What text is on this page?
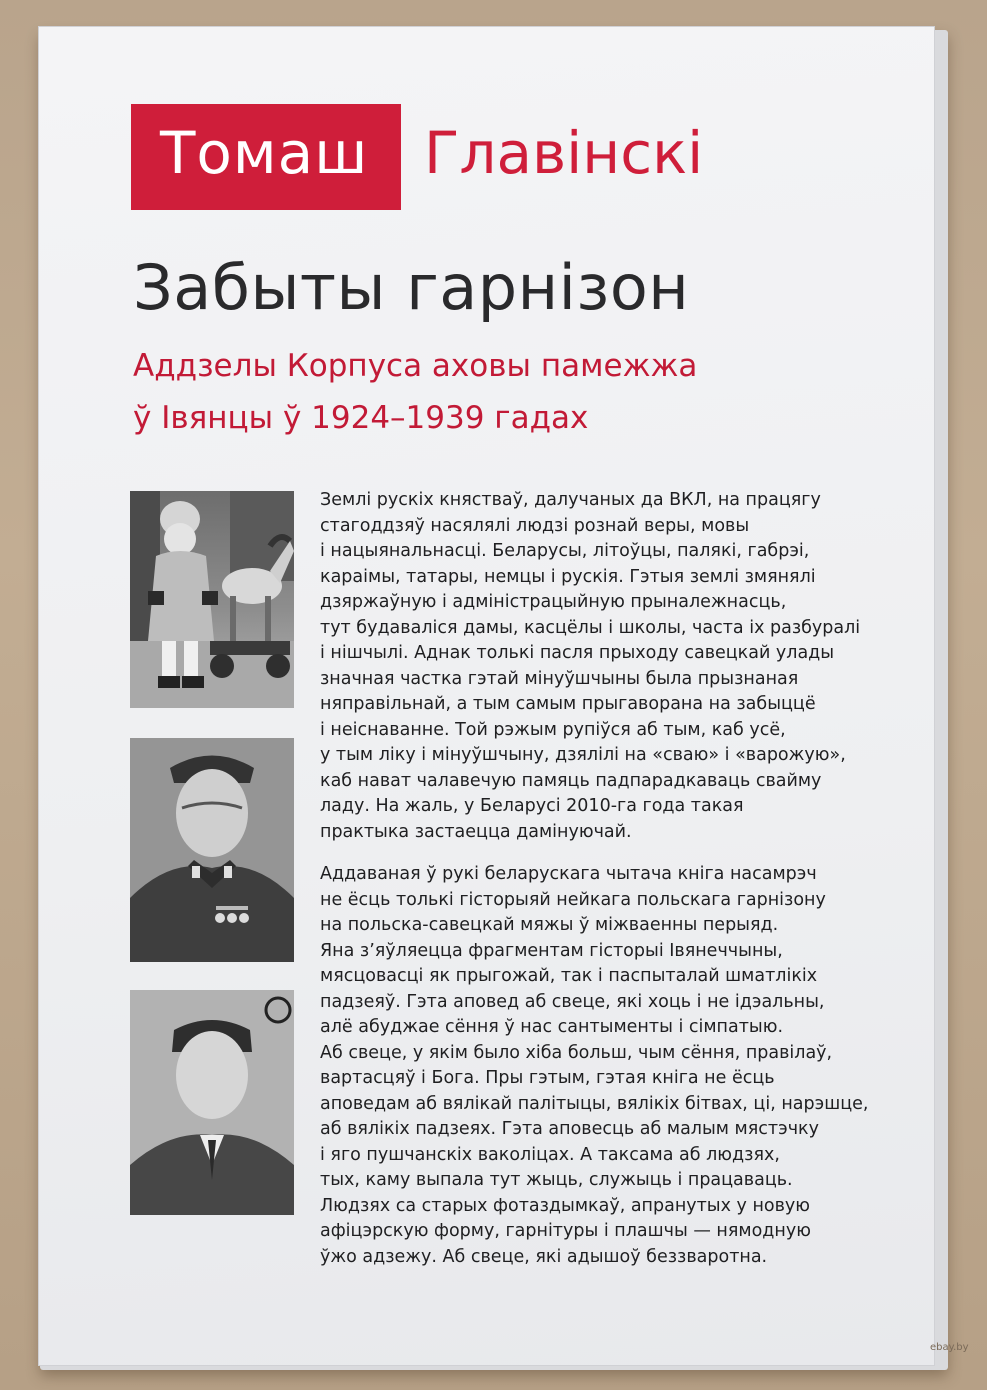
Томаш Главінскі
Забыты гарнізон
Аддзелы Корпуса аховы памежжа
ў Івянцы ў 1924–1939 гадах
Землі рускіх княстваў, далучаных да ВКЛ, на працягу
стагоддзяў насялялі людзі рознай веры, мовы
і нацыянальнасці. Беларусы, літоўцы, палякі, габрэі,
караімы, татары, немцы і рускія. Гэтыя землі змянялі
дзяржаўную і адміністрацыйную прыналежнасць,
тут будаваліся дамы, касцёлы і школы, часта іх разбуралі
і нішчылі. Аднак толькі пасля прыходу савецкай улады
значная частка гэтай мінуўшчыны была прызнаная
няправільнай, а тым самым прыгаворана на забыццё
і неіснаванне. Той рэжым рупіўся аб тым, каб усё,
у тым ліку і мінуўшчыну, дзялілі на «сваю» і «варожую»,
каб нават чалавечую памяць падпарадкаваць свайму
ладу. На жаль, у Беларусі 2010-га года такая
практыка застаецца дамінуючай.
Аддаваная ў рукі беларускага чытача кніга насамрэч
не ёсць толькі гісторыяй нейкага польскага гарнізону
на польска-савецкай мяжы ў міжваенны перыяд.
Яна з’яўляецца фрагментам гісторыі Івянеччыны,
мясцовасці як прыгожай, так і паспыталай шматлікіх
падзеяў. Гэта аповед аб свеце, які хоць і не ідэальны,
алё абуджае сёння ў нас сантыменты і сімпатыю.
Аб свеце, у якім было хіба больш, чым сёння, правілаў,
вартасцяў і Бога. Пры гэтым, гэтая кніга не ёсць
аповедам аб вялікай палітыцы, вялікіх бітвах, ці, нарэшце,
аб вялікіх падзеях. Гэта аповесць аб малым мястэчку
і яго пушчанскіх ваколіцах. А таксама аб людзях,
тых, каму выпала тут жыць, служыць і працаваць.
Людзях са старых фотаздымкаў, апранутых у новую
афіцэрскую форму, гарнітуры і плашчы — нямодную
ўжо адзежу. Аб свеце, які адышоў беззваротна.
ebay.by
